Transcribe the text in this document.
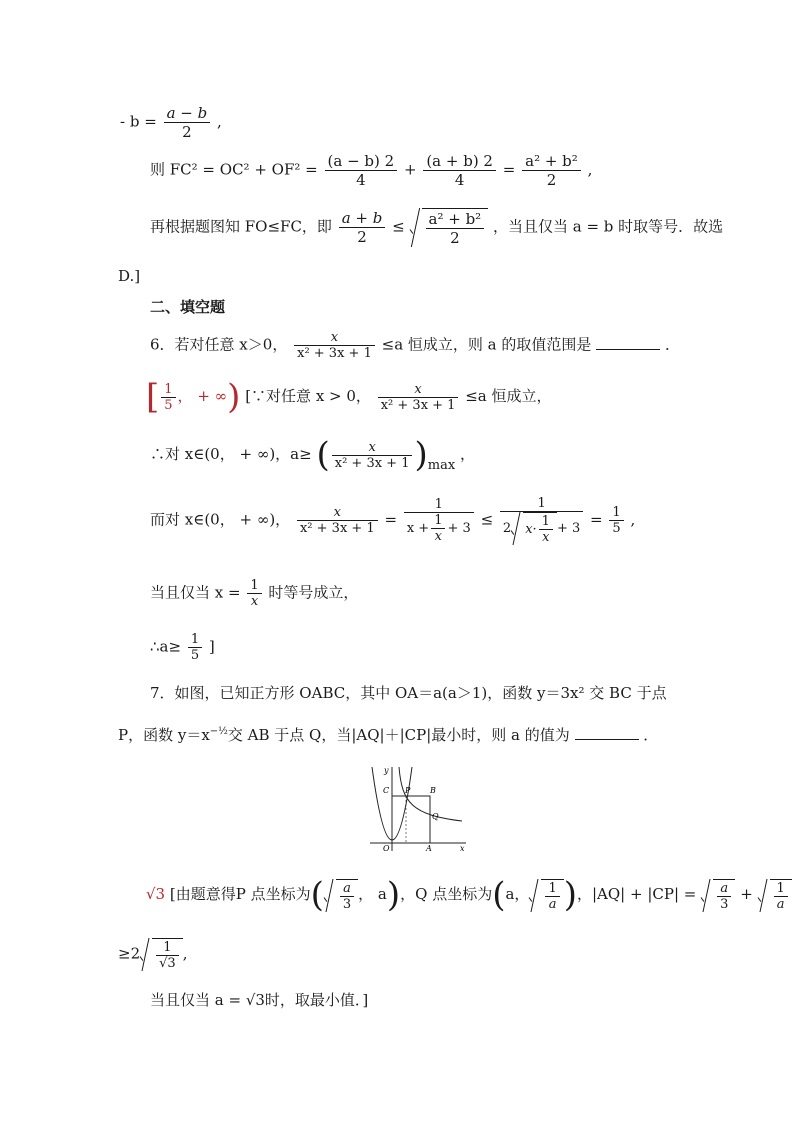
- $b = \frac{a - b}{2}$ ,
则 $FC^2 = OC^2 + OF^2 = \frac{(a - b) 2}{4} + \frac{(a + b) 2}{4} = \frac{\text{a² + b²}}{2}$ ,
再根据题图知 FO≤FC，即 $\frac{a + b}{2} \le \frac{\text{a² + b²}}{2}$ ，当且仅当 a = b 时取等号．故选
D.]
二、填空题
6．若对任意 x＞0， $\frac{x}{\text{x² + 3x + 1}} \le a$ 恒成立，则 a 的取值范围是	．
[ $\frac{1}{5}$ ， + ∞) [∵对任意 x > 0， $\frac{x}{\text{x² + 3x + 1}} \le a$ 恒成立，
∴对 x∈(0， + ∞)，a≥ ( $\frac{x}{\text{x² + 3x + 1}} )\max$ ，
而对 x∈(0， + ∞)， $\frac{x}{\text{x² + 3x + 1}} = \frac{1}{x + \frac{1}{x} + 3} \le \frac{1}{2 x\cdot \frac{1}{x} + 3} = \frac{1}{5}$ ,
当且仅当 $x = \frac{1}{x}$ 时等号成立，
∴a≥ $\frac{1}{5}$ ]
7．如图，已知正方形 OABC，其中 OA＝a(a＞1)，函数 y＝3x² 交 BC 于点
P，函数 $y=x^{-\frac{1}{2}}$交 AB 于点 Q，当|AQ|＋|CP|最小时，则 a 的值为	．
y
x
O	A
B
C P
Q
√3 [由题意得P 点坐标为( $\frac{a}{3}$ ， a)，Q 点坐标为(a， $\frac{1}{a}$ )，$|AQ| + |CP| = \frac{a}{3} + \frac{1}{a}$
$\ge 2 \frac{1}{√3}$ ,
当且仅当 a = √3时，取最小值．]
